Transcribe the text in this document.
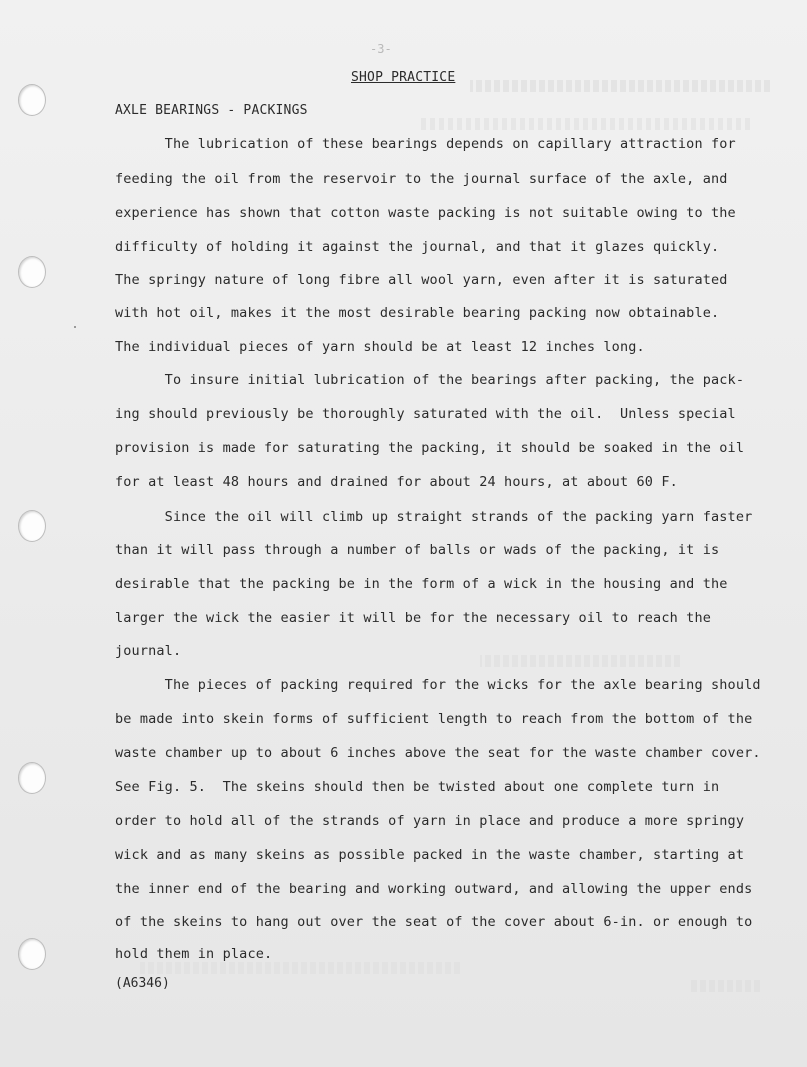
-3-
SHOP PRACTICE
AXLE BEARINGS - PACKINGS
The lubrication of these bearings depends on capillary attraction for
feeding the oil from the reservoir to the journal surface of the axle, and
experience has shown that cotton waste packing is not suitable owing to the
difficulty of holding it against the journal, and that it glazes quickly.
The springy nature of long fibre all wool yarn, even after it is saturated
with hot oil, makes it the most desirable bearing packing now obtainable.
The individual pieces of yarn should be at least 12 inches long.
To insure initial lubrication of the bearings after packing, the pack-
ing should previously be thoroughly saturated with the oil.  Unless special
provision is made for saturating the packing, it should be soaked in the oil
for at least 48 hours and drained for about 24 hours, at about 60 F.
Since the oil will climb up straight strands of the packing yarn faster
than it will pass through a number of balls or wads of the packing, it is
desirable that the packing be in the form of a wick in the housing and the
larger the wick the easier it will be for the necessary oil to reach the
journal.
The pieces of packing required for the wicks for the axle bearing should
be made into skein forms of sufficient length to reach from the bottom of the
waste chamber up to about 6 inches above the seat for the waste chamber cover.
See Fig. 5.  The skeins should then be twisted about one complete turn in
order to hold all of the strands of yarn in place and produce a more springy
wick and as many skeins as possible packed in the waste chamber, starting at
the inner end of the bearing and working outward, and allowing the upper ends
of the skeins to hang out over the seat of the cover about 6-in. or enough to
hold them in place.
(A6346)
